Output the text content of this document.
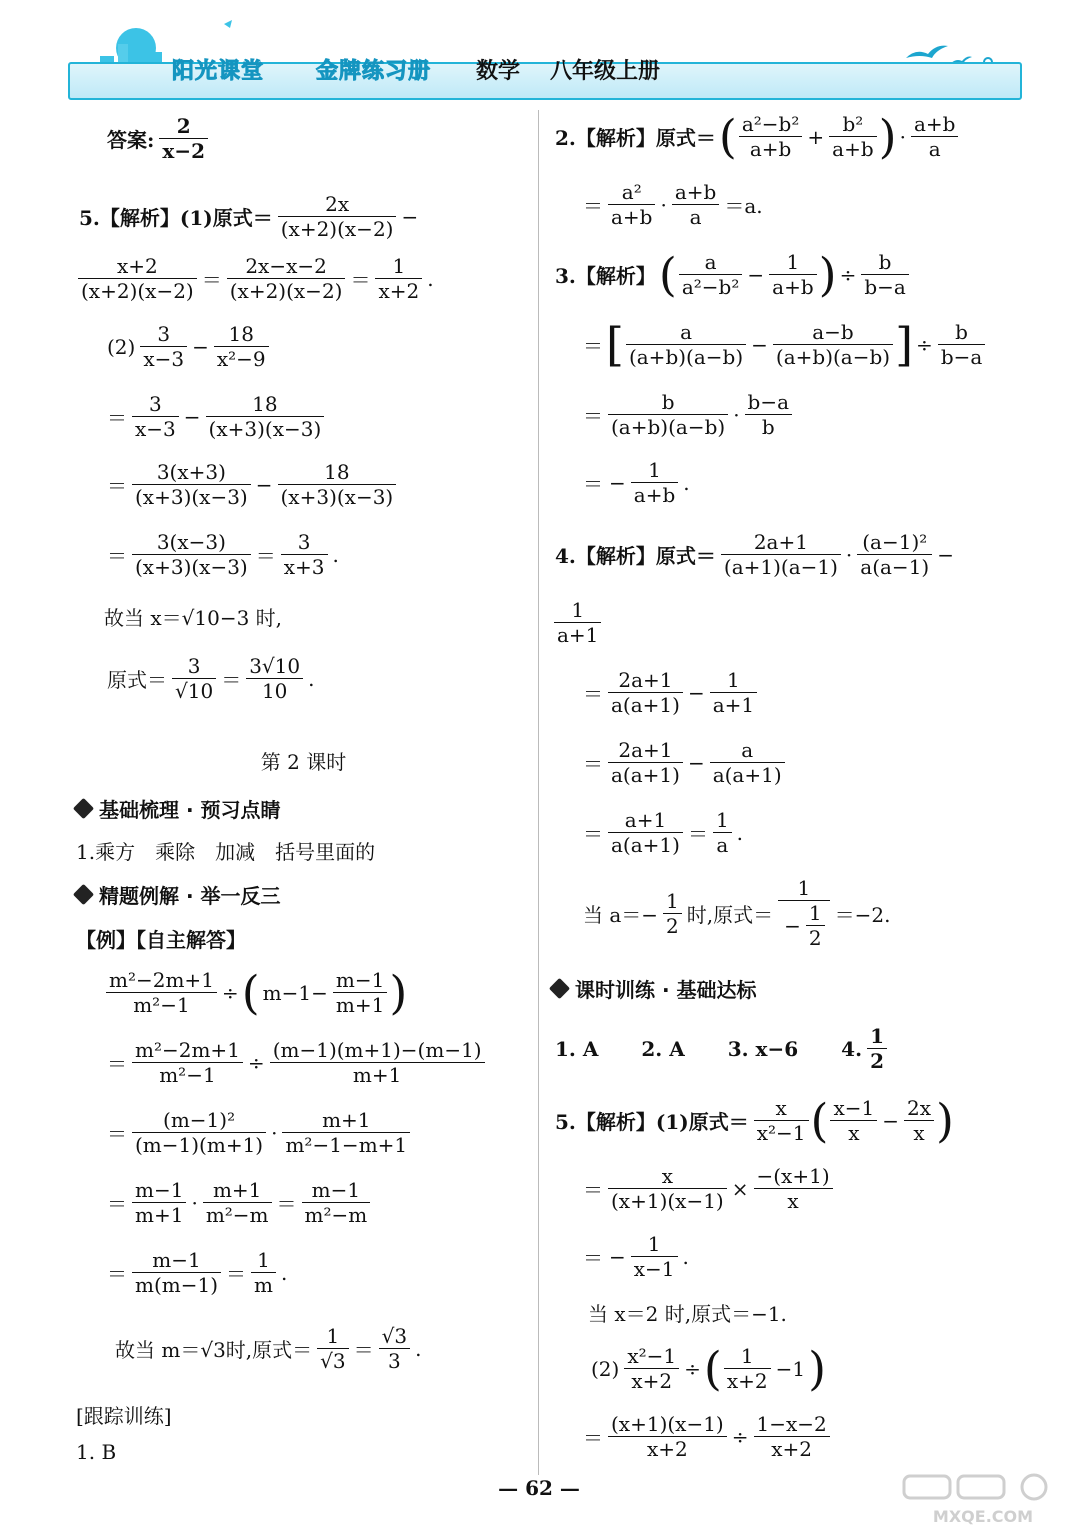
阳光课堂 金牌练习册 数学 八年级上册
答案: $\frac{2}{x-2}$
5.【解析】(1)原式＝ $\frac{2x}{(x+2)(x-2)}$ −
$\frac{x+2}{(x+2)(x-2)} = \frac{2x-x-2}{(x+2)(x-2)} = \frac{1}{x+2}$ .
$(2) \frac{3}{x-3} - \frac{18}{\text{x²−9}}$
＝ $\frac{3}{x-3} - \frac{18}{(x+3)(x-3)}$
＝ $\frac{3(x+3)}{(x+3)(x-3)} - \frac{18}{(x+3)(x-3)}$
＝ $\frac{3(x-3)}{(x+3)(x-3)} = \frac{3}{x+3}$ .
故当 x＝√10−3 时,
原式＝ $\frac{3}{√10} = \frac{3√10}{10}$ .
第 2 课时
基础梳理 · 预习点睛
1.乘方　乘除　加减　括号里面的
精题例解 · 举一反三
【例】【自主解答】
$\frac{\text{m²−2m+1}}{\text{m²−1}}$ ÷( $m-1- \frac{m-1}{m+1}$ )
＝ $\frac{\text{m²−2m+1}}{\text{m²−1}} \div \frac{(m-1)(m+1)-(m-1)}{m+1}$
＝ $\frac{\text{(m−1)²}}{(m-1)(m+1)} \cdot \frac{m+1}{\text{m²−1−m+1}}$
＝ $\frac{m-1}{m+1} \cdot \frac{m+1}{\text{m²−m}} = \frac{m-1}{\text{m²−m}}$
＝ $\frac{m-1}{m(m-1)} = \frac{1}{m}$ .
故当 m＝√3时,原式＝ $\frac{1}{√3} = \frac{√3}{3}$ .
[跟踪训练]
1. B
2.【解析】原式＝( $\frac{\text{a²−b²}}{a+b} + \frac{\text{b²}}{a+b}$ ) · $\frac{a+b}{a}$
＝ $\frac{\text{a²}}{a+b} \cdot \frac{a+b}{a} =a$.
3.【解析】( $\frac{a}{\text{a²−b²}} - \frac{1}{a+b}$ ) ÷ $\frac{b}{b-a}$
＝[ $\frac{a}{(a+b)(a-b)} - \frac{a-b}{(a+b)(a-b)}$ ] ÷ $\frac{b}{b-a}$
＝ $\frac{b}{(a+b)(a-b)} \cdot \frac{b-a}{b}$
＝ − $\frac{1}{a+b}$ .
4.【解析】原式＝ $\frac{2a+1}{(a+1)(a-1)} \cdot \frac{\text{(a−1)²}}{a(a-1)}$ −
$\frac{1}{a+1}$
＝ $\frac{2a+1}{a(a+1)} - \frac{1}{a+1}$
＝ $\frac{2a+1}{a(a+1)} - \frac{a}{a(a+1)}$
＝ $\frac{a+1}{a(a+1)} = \frac{1}{a}$ .
当 $a=- \frac{1}{2}$ 时,原式＝ $\frac{1}{- \frac{1}{2}} =-2$.
课时训练 · 基础达标
1. A 2. A 3. x−6 4. $\frac{1}{2}$
5.【解析】(1)原式＝ $\frac{x}{\text{x²−1}}$ ( $\frac{x-1}{x} - \frac{2x}{x}$ )
＝ $\frac{x}{(x+1)(x-1)} \times \frac{-(x+1)}{x}$
＝ − $\frac{1}{x-1}$ .
当 x＝2 时,原式＝−1.
$(2) \frac{\text{x²−1}}{x+2}$ ÷( $\frac{1}{x+2} -1$)
＝ $\frac{(x+1)(x-1)}{x+2} \div \frac{1-x-2}{x+2}$
— 62 —
MXQE.COM
